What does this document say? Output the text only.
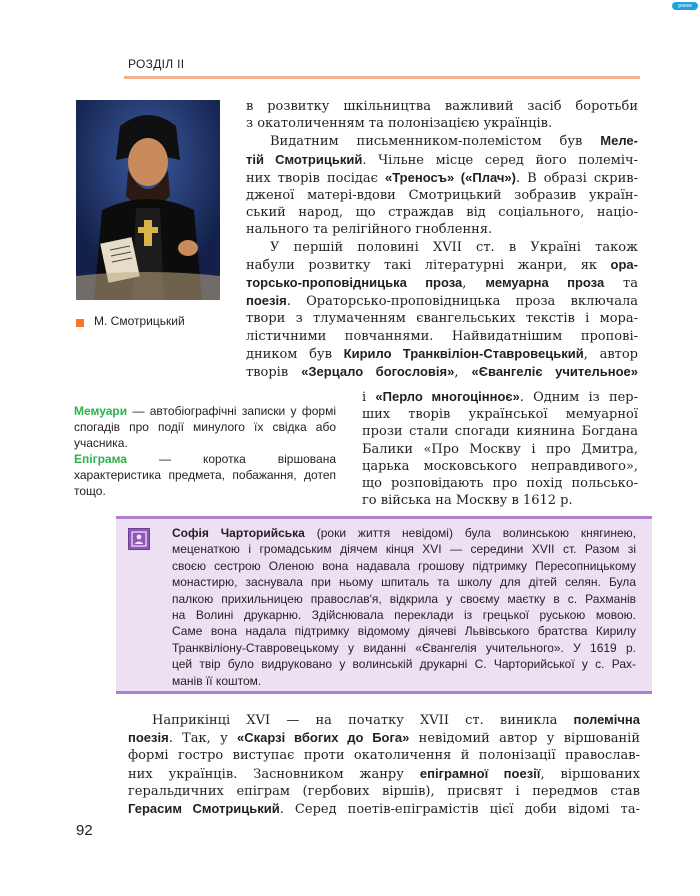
ранок
РОЗДІЛ ІІ
М. Смотрицький
в розвитку шкільництва важливий засіб боротьби
з окатоличенням та полонізацією українців.
Видатним письменником-полемістом був Меле-
тій Смотрицький. Чільне місце серед його полеміч-
них творів посідає «Треносъ» («Плач»). В образі скрив-
дженої матері-вдови Смотрицький зобразив україн-
ський народ, що страждав від соціального, націо-
нального та релігійного гноблення.
У першій половині XVII ст. в Україні також
набули розвитку такі літературні жанри, як ора-
торсько-проповідницька проза, мемуарна проза та
поезія. Ораторсько-проповідницька проза включала
твори з тлумаченням євангельських текстів і мора-
лістичними повчаннями. Найвидатнішим пропові-
дником був Кирило Транквіліон-Ставровецький, автор
творів «Зерцало богословія», «Євангеліє учительное»
і «Перло многоцінноє». Одним із пер-
ших творів української мемуарної
прози стали спогади киянина Богдана
Балики «Про Москву і про Дмитра,
царька московського неправдивого»,
що розповідають про похід польсько-
го війська на Москву в 1612 р.
Мемуари — автобіографічні записки у формі спогадів про події минулого їх свідка або учасника.
Епіграма — коротка віршована характеристика предмета, побажання, дотеп тощо.
Софія Чарторийська (роки життя невідомі) була волинською княгинею,
меценаткою і громадським діячем кінця XVI — середини XVII ст. Разом зі
своєю сестрою Оленою вона надавала грошову підтримку Пересопницькому
монастирю, заснувала при ньому шпиталь та школу для дітей селян. Була
палкою прихильницею православ'я, відкрила у своєму маєтку в с. Рахманів
на Волині друкарню. Здійснювала переклади із грецької руською мовою.
Саме вона надала підтримку відомому діячеві Львівського братства Кирилу
Транквіліону-Ставровецькому у виданні «Євангелія учительного». У 1619 р.
цей твір було видруковано у волинській друкарні С. Чарторийської у с. Рах-
манів її коштом.
Наприкінці XVI — на початку XVII ст. виникла полемічна
поезія. Так, у «Скарзі вбогих до Бога» невідомий автор у віршованій
формі гостро виступає проти окатоличення й полонізації православ-
них українців. Засновником жанру епіграмної поезії, віршованих
геральдичних епіграм (гербових віршів), присвят і передмов став
Герасим Смотрицький. Серед поетів-епіграмістів цієї доби відомі та-
92
